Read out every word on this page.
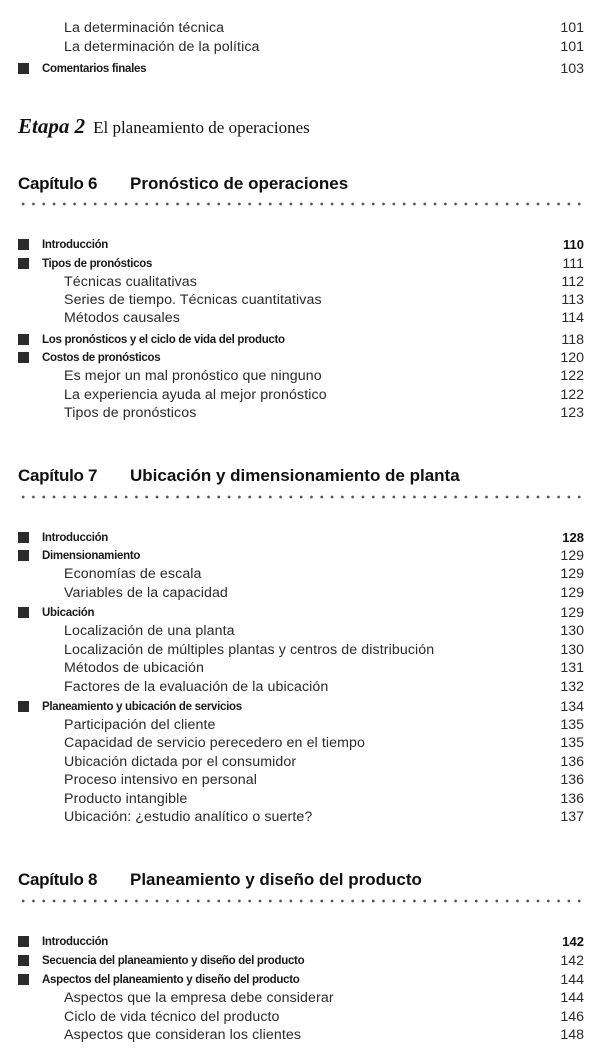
La determinación técnica	101
La determinación de la política	101
Comentarios finales	103
Etapa 2 El planeamiento de operaciones
Capítulo 6	Pronóstico de operaciones
Introducción	110
Tipos de pronósticos	111
Técnicas cualitativas	112
Series de tiempo. Técnicas cuantitativas	113
Métodos causales	114
Los pronósticos y el ciclo de vida del producto	118
Costos de pronósticos	120
Es mejor un mal pronóstico que ninguno	122
La experiencia ayuda al mejor pronóstico	122
Tipos de pronósticos	123
Capítulo 7	Ubicación y dimensionamiento de planta
Introducción	128
Dimensionamiento	129
Economías de escala	129
Variables de la capacidad	129
Ubicación	129
Localización de una planta	130
Localización de múltiples plantas y centros de distribución	130
Métodos de ubicación	131
Factores de la evaluación de la ubicación	132
Planeamiento y ubicación de servicios	134
Participación del cliente	135
Capacidad de servicio perecedero en el tiempo	135
Ubicación dictada por el consumidor	136
Proceso intensivo en personal	136
Producto intangible	136
Ubicación: ¿estudio analítico o suerte?	137
Capítulo 8	Planeamiento y diseño del producto
Introducción	142
Secuencia del planeamiento y diseño del producto	142
Aspectos del planeamiento y diseño del producto	144
Aspectos que la empresa debe considerar	144
Ciclo de vida técnico del producto	146
Aspectos que consideran los clientes	148
